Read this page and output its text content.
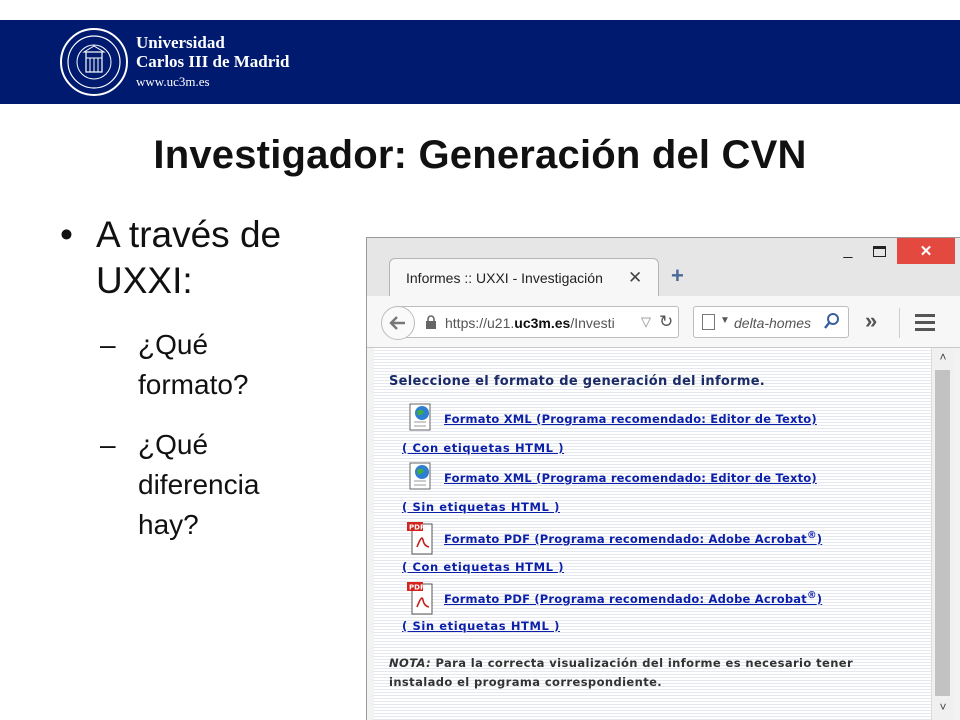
Universidad
Carlos III de Madrid
www.uc3m.es
Investigador: Generación del CVN
• A través de UXXI:
– ¿Qué formato?
– ¿Qué diferencia hay?
_	✕
Informes :: UXXI - Investigación ✕ +
https://u21.uc3m.es/Investi ▽ ↻	▼ delta-homes »
Seleccione el formato de generación del informe.
Formato XML (Programa recomendado: Editor de Texto)
( Con etiquetas HTML )
Formato XML (Programa recomendado: Editor de Texto)
( Sin etiquetas HTML )
PDF
Formato PDF (Programa recomendado: Adobe Acrobat®)
( Con etiquetas HTML )
PDF
Formato PDF (Programa recomendado: Adobe Acrobat®)
( Sin etiquetas HTML )
NOTA: Para la correcta visualización del informe es necesario tener instalado el programa correspondiente.
˄
˅
